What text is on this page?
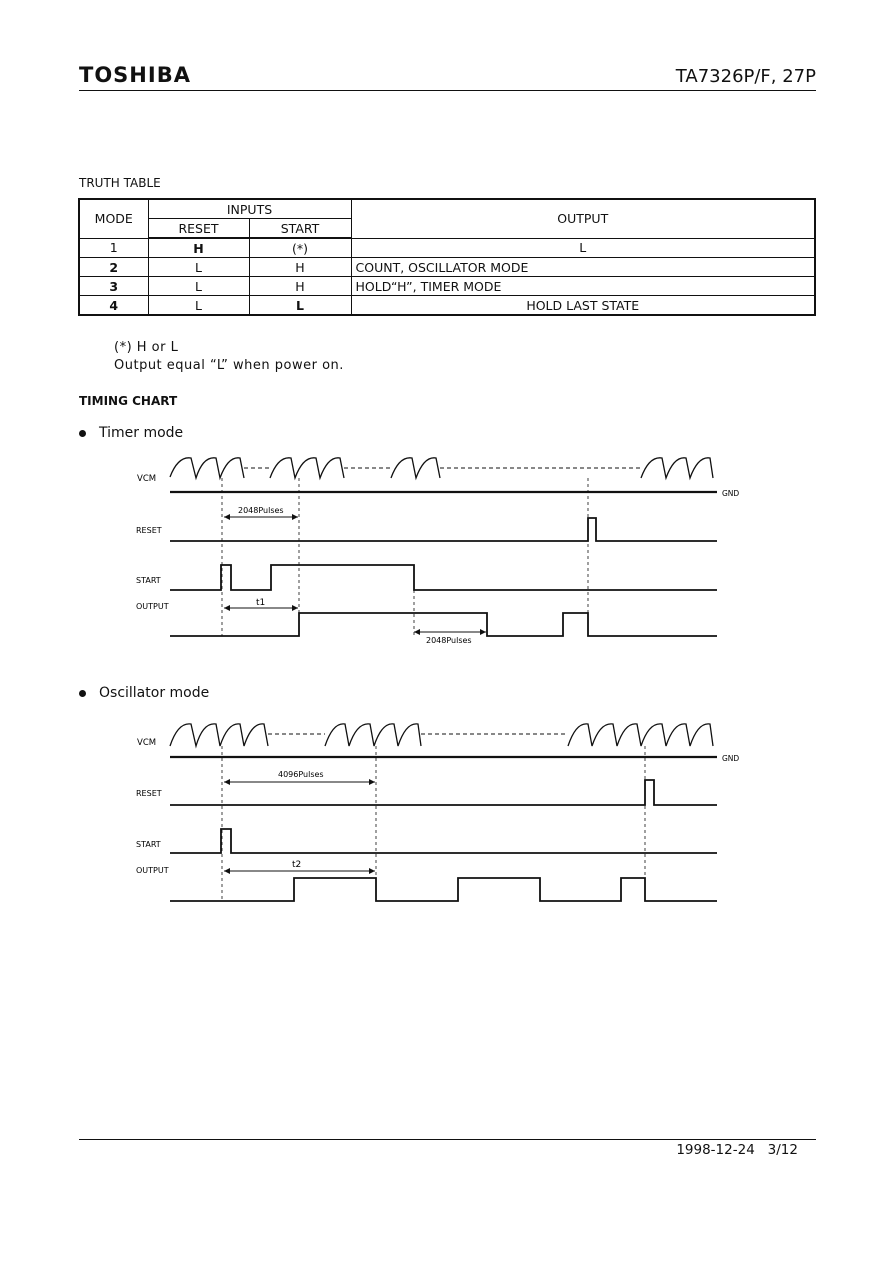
TOSHIBA	TA7326P/F, 27P
TRUTH TABLE
MODE	INPUTS		OUTPUT
	RESET	START	
1	H	(*)	L
2	L	H	COUNT, OSCILLATOR MODE
3	L	H	HOLD“H”, TIMER MODE
4	L	L	HOLD LAST STATE
(*) H or L
Output equal “L” when power on.
TIMING CHART
Timer mode
VCM
GND
2048Pulses
RESET
START
OUTPUT	t1
2048Pulses
VCM
GND
4096Pulses
RESET
START
OUTPUT
t2
Oscillator mode
1998-12-24 3/12
